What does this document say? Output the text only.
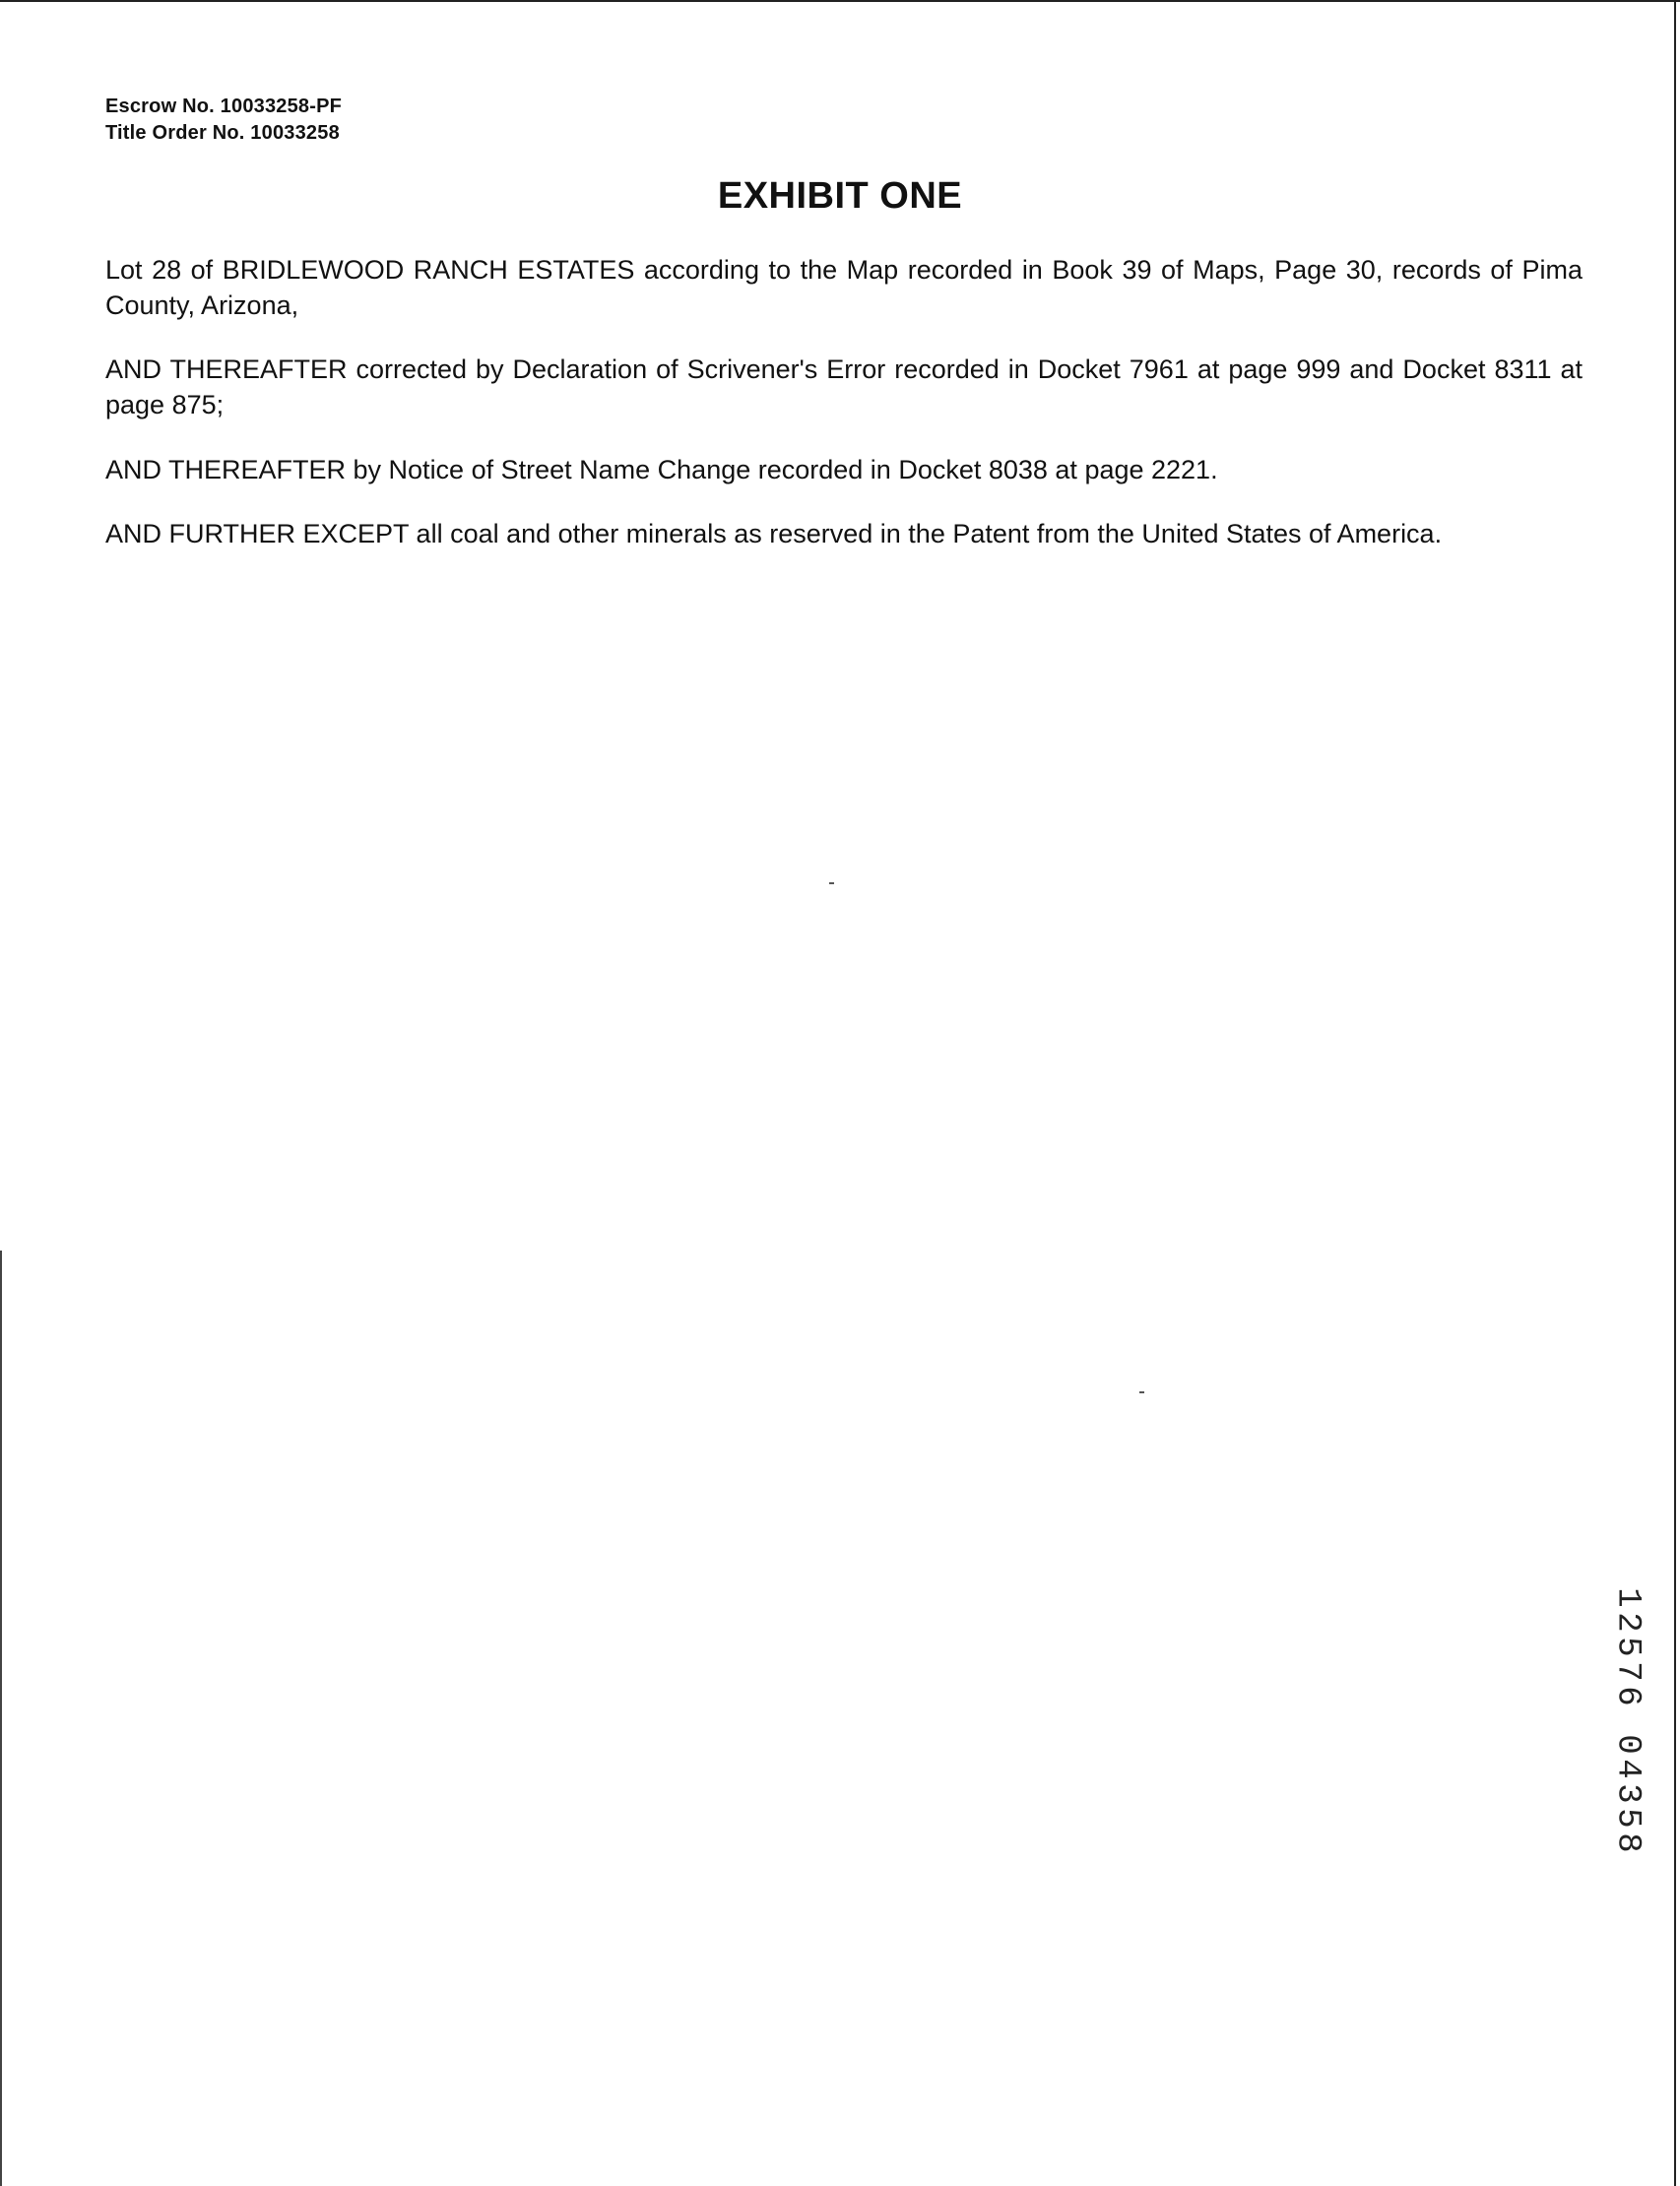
Escrow No. 10033258-PF
Title Order No. 10033258
EXHIBIT ONE

Lot 28 of BRIDLEWOOD RANCH ESTATES according to the Map recorded in Book 39 of Maps, Page 30, records of Pima County, Arizona,

AND THEREAFTER corrected by Declaration of Scrivener's Error recorded in Docket 7961 at page 999 and Docket 8311 at page 875;

AND THEREAFTER by Notice of Street Name Change recorded in Docket 8038 at page 2221.

AND FURTHER EXCEPT all coal and other minerals as reserved in the Patent from the United States of America.

1
2
5
7
6
0
4
3
5
8
